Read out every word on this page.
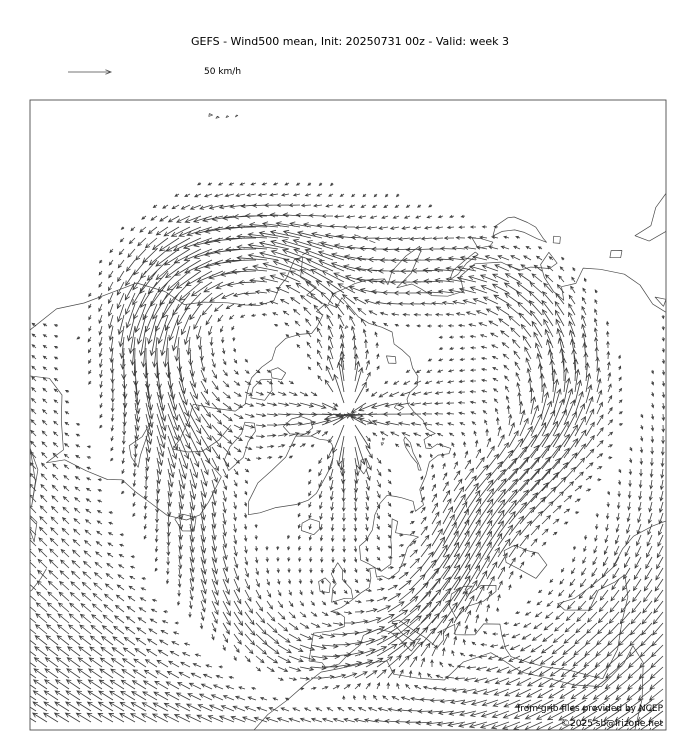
GEFS - Wind500 mean, Init: 20250731 00z - Valid: week 3
50 km/h
from grib files provided by NCEP
©2025 sb@irizone.net
